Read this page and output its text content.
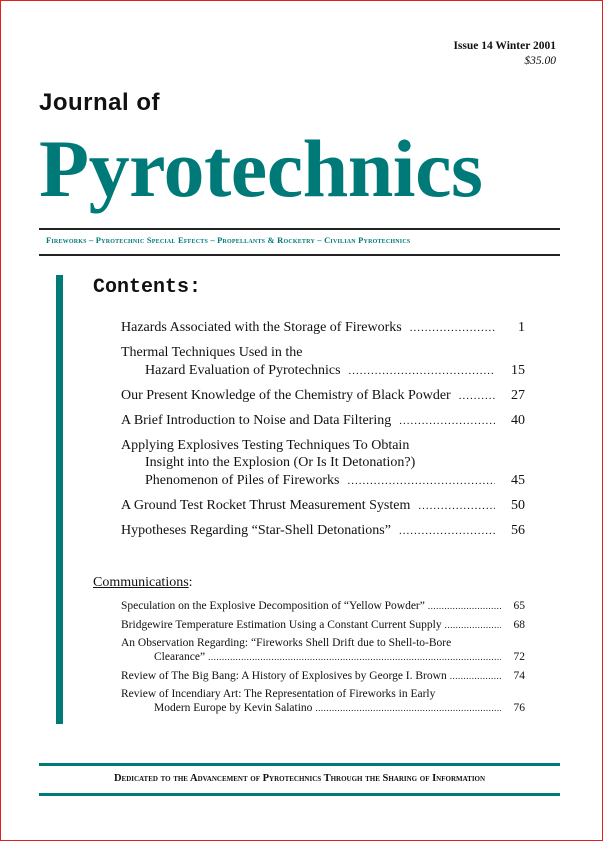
Issue 14 Winter 2001
$35.00
Journal of
Pyrotechnics
Fireworks – Pyrotechnic Special Effects – Propellants & Rocketry – Civilian Pyrotechnics
Contents:
Hazards Associated with the Storage of Fireworks .....	1
Thermal Techniques Used in the
Hazard Evaluation of Pyrotechnics .....	15
Our Present Knowledge of the Chemistry of Black Powder .....	27
A Brief Introduction to Noise and Data Filtering .....	40
Applying Explosives Testing Techniques To Obtain
Insight into the Explosion (Or Is It Detonation?)
Phenomenon of Piles of Fireworks .....	45
A Ground Test Rocket Thrust Measurement System .....	50
Hypotheses Regarding “Star-Shell Detonations” .....	56
Communications:
Speculation on the Explosive Decomposition of “Yellow Powder” .....	65
Bridgewire Temperature Estimation Using a Constant Current Supply .....	68
An Observation Regarding: “Fireworks Shell Drift due to Shell-to-Bore
Clearance” .....	72
Review of The Big Bang: A History of Explosives by George I. Brown .....	74
Review of Incendiary Art: The Representation of Fireworks in Early
Modern Europe by Kevin Salatino .....	76
Dedicated to the Advancement of Pyrotechnics Through the Sharing of Information
